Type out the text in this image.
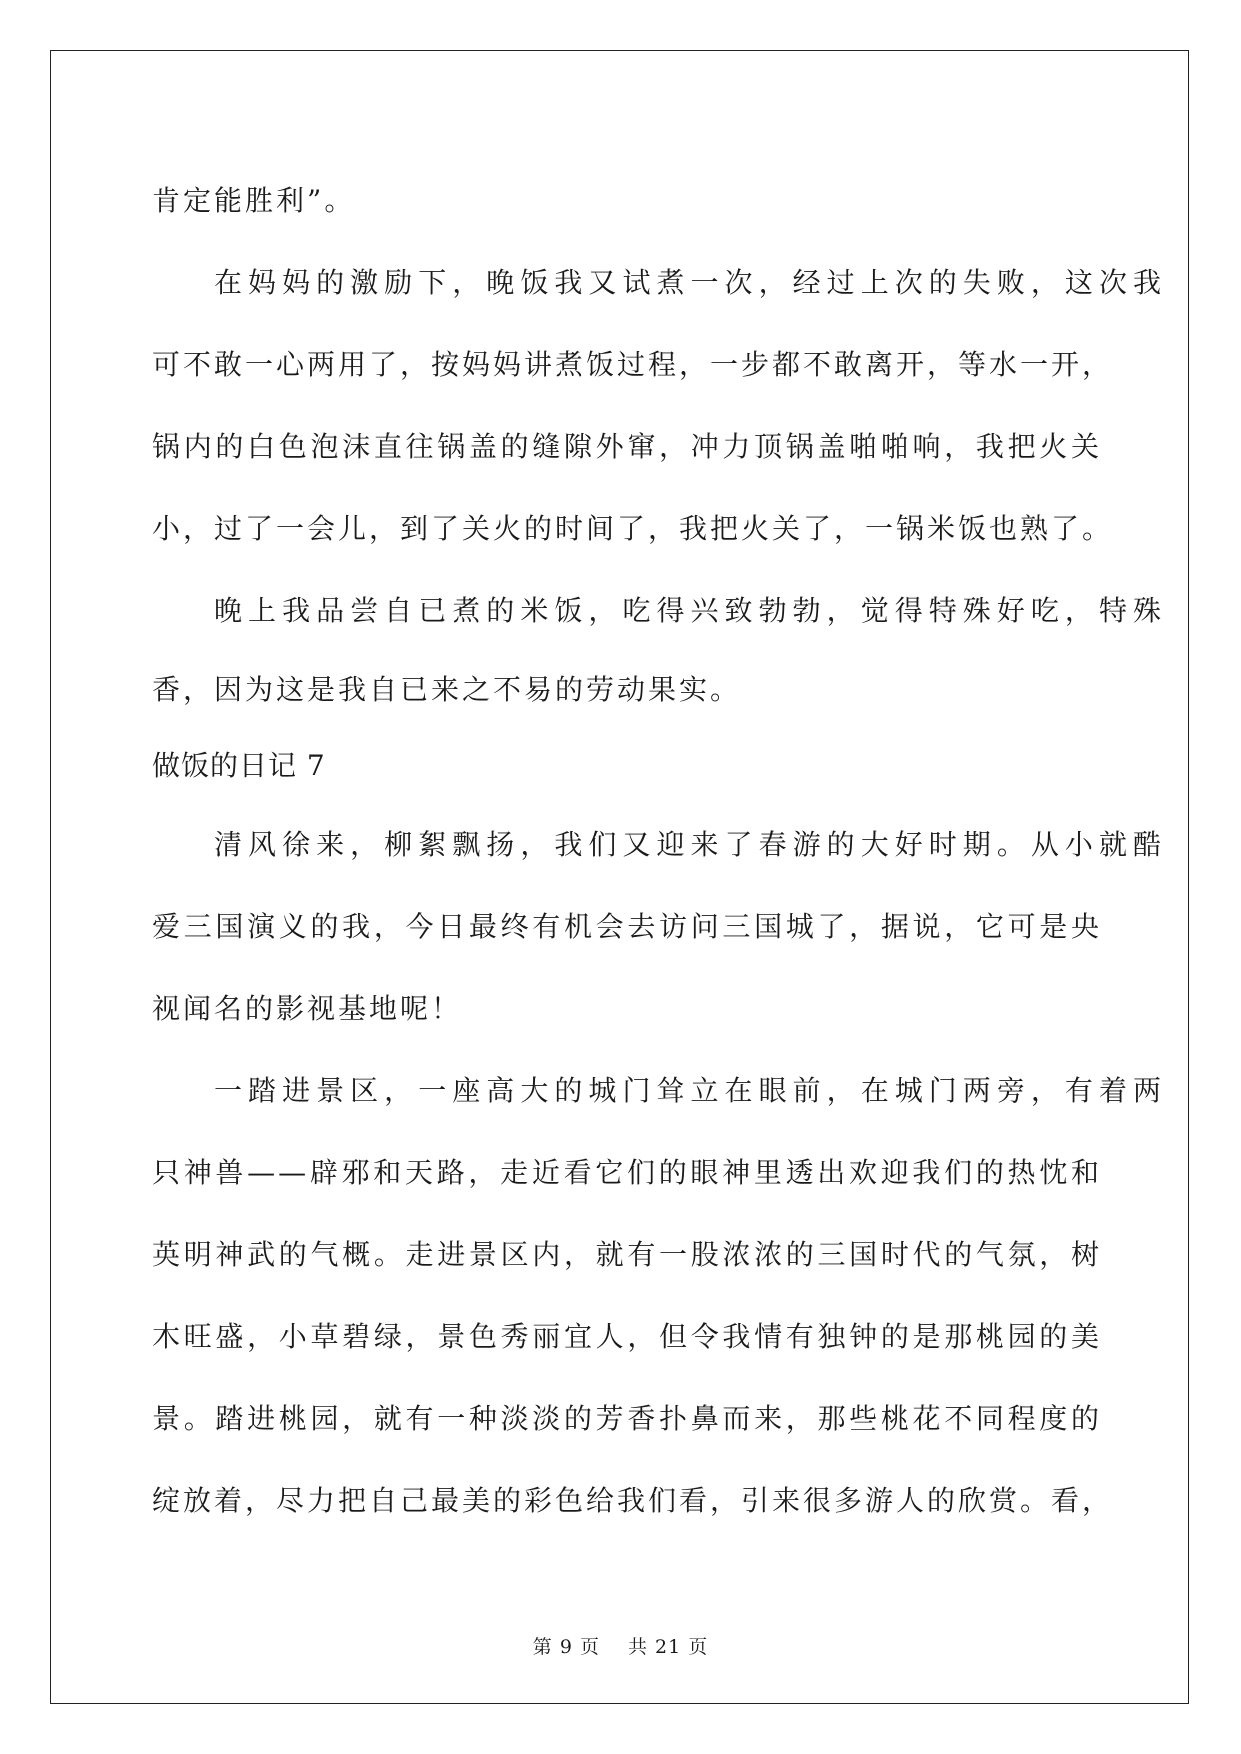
肯定能胜利”。
在妈妈的激励下，晚饭我又试煮一次，经过上次的失败，这次我
可不敢一心两用了，按妈妈讲煮饭过程，一步都不敢离开，等水一开，
锅内的白色泡沫直往锅盖的缝隙外窜，冲力顶锅盖啪啪响，我把火关
小，过了一会儿，到了关火的时间了，我把火关了，一锅米饭也熟了。
晚上我品尝自已煮的米饭，吃得兴致勃勃，觉得特殊好吃，特殊
香，因为这是我自已来之不易的劳动果实。
做饭的日记 7
清风徐来，柳絮飘扬，我们又迎来了春游的大好时期。从小就酷
爱三国演义的我，今日最终有机会去访问三国城了，据说，它可是央
视闻名的影视基地呢！
一踏进景区，一座高大的城门耸立在眼前，在城门两旁，有着两
只神兽——辟邪和天路，走近看它们的眼神里透出欢迎我们的热忱和
英明神武的气概。走进景区内，就有一股浓浓的三国时代的气氛，树
木旺盛，小草碧绿，景色秀丽宜人，但令我情有独钟的是那桃园的美
景。踏进桃园，就有一种淡淡的芳香扑鼻而来，那些桃花不同程度的
绽放着，尽力把自己最美的彩色给我们看，引来很多游人的欣赏。看，
第 9 页 共 21 页
